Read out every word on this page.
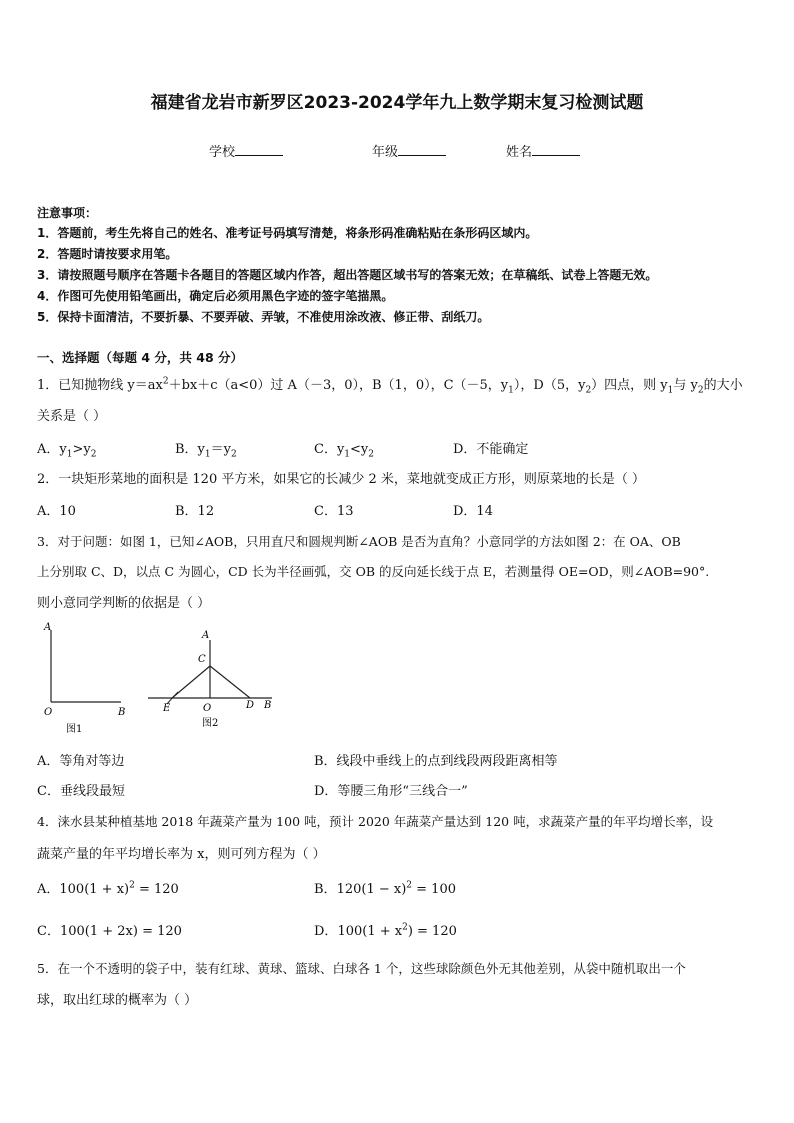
福建省龙岩市新罗区2023-2024学年九上数学期末复习检测试题
学校	年级	姓名
注意事项：
1．答题前，考生先将自己的姓名、准考证号码填写清楚，将条形码准确粘贴在条形码区域内。
2．答题时请按要求用笔。
3．请按照题号顺序在答题卡各题目的答题区域内作答，超出答题区域书写的答案无效；在草稿纸、试卷上答题无效。
4．作图可先使用铅笔画出，确定后必须用黑色字迹的签字笔描黑。
5．保持卡面清洁，不要折暴、不要弄破、弄皱，不准使用涂改液、修正带、刮纸刀。
一、选择题（每题 4 分，共 48 分）
1．已知抛物线 $y=ax^2+bx+c(a<0)$过 A（－3，0），B（1，0），C（－5，$y_1$），D（5，$y_2$）四点，则 $y_1$与 $y_2$的大小
关系是（ ）
A．$y_1>y_2$	B．$y_1=y_2$	C．$y_1<y_2$	D．不能确定
2．一块矩形菜地的面积是 120 平方米，如果它的长减少 2 米，菜地就变成正方形，则原菜地的长是（ ）
A．10	B．12	C．13	D．14
3．对于问题：如图 1，已知∠AOB，只用直尺和圆规判断∠AOB 是否为直角？小意同学的方法如图 2：在 OA、OB
上分别取 C、D，以点 C 为圆心，CD 长为半径画弧，交 OB 的反向延长线于点 E，若测量得 OE=OD，则∠AOB=90°.
则小意同学判断的依据是（ ）
A
O	B
图1
A
C
E	O	D B
图2
A．等角对等边	B．线段中垂线上的点到线段两段距离相等
C．垂线段最短	D．等腰三角形“三线合一”
4．涞水县某种植基地 2018 年蔬菜产量为 100 吨，预计 2020 年蔬菜产量达到 120 吨，求蔬菜产量的年平均增长率，设
蔬菜产量的年平均增长率为 x，则可列方程为（ ）
A．$100(1 + x)^2 = 120$	B．$120(1 - x)^2 = 100$
C．100(1 + 2x) = 120	D．$100(1 + x^2) = 120$
5．在一个不透明的袋子中，装有红球、黄球、篮球、白球各 1 个，这些球除颜色外无其他差别，从袋中随机取出一个
球，取出红球的概率为（ ）
